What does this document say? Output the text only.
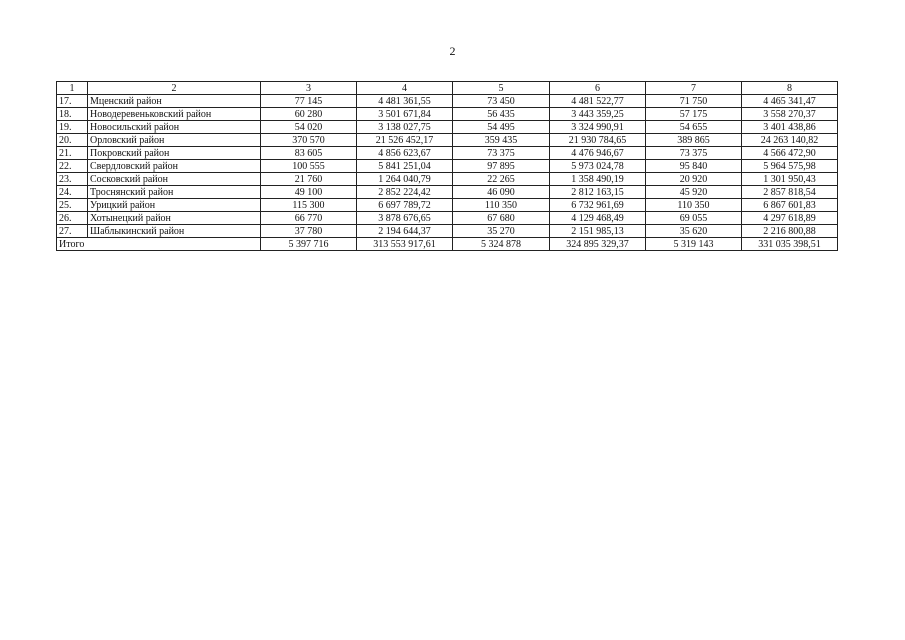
2
1	2	3	4	5	6	7	8
17.	Мценский район	77 145	4 481 361,55	73 450	4 481 522,77	71 750	4 465 341,47
18.	Новодеревеньковский район	60 280	3 501 671,84	56 435	3 443 359,25	57 175	3 558 270,37
19.	Новосильский район	54 020	3 138 027,75	54 495	3 324 990,91	54 655	3 401 438,86
20.	Орловский район	370 570	21 526 452,17	359 435	21 930 784,65	389 865	24 263 140,82
21.	Покровский район	83 605	4 856 623,67	73 375	4 476 946,67	73 375	4 566 472,90
22.	Свердловский район	100 555	5 841 251,04	97 895	5 973 024,78	95 840	5 964 575,98
23.	Сосковский район	21 760	1 264 040,79	22 265	1 358 490,19	20 920	1 301 950,43
24.	Троснянский район	49 100	2 852 224,42	46 090	2 812 163,15	45 920	2 857 818,54
25.	Урицкий район	115 300	6 697 789,72	110 350	6 732 961,69	110 350	6 867 601,83
26.	Хотынецкий район	66 770	3 878 676,65	67 680	4 129 468,49	69 055	4 297 618,89
27.	Шаблыкинский район	37 780	2 194 644,37	35 270	2 151 985,13	35 620	2 216 800,88
Итого		5 397 716	313 553 917,61	5 324 878	324 895 329,37	5 319 143	331 035 398,51
